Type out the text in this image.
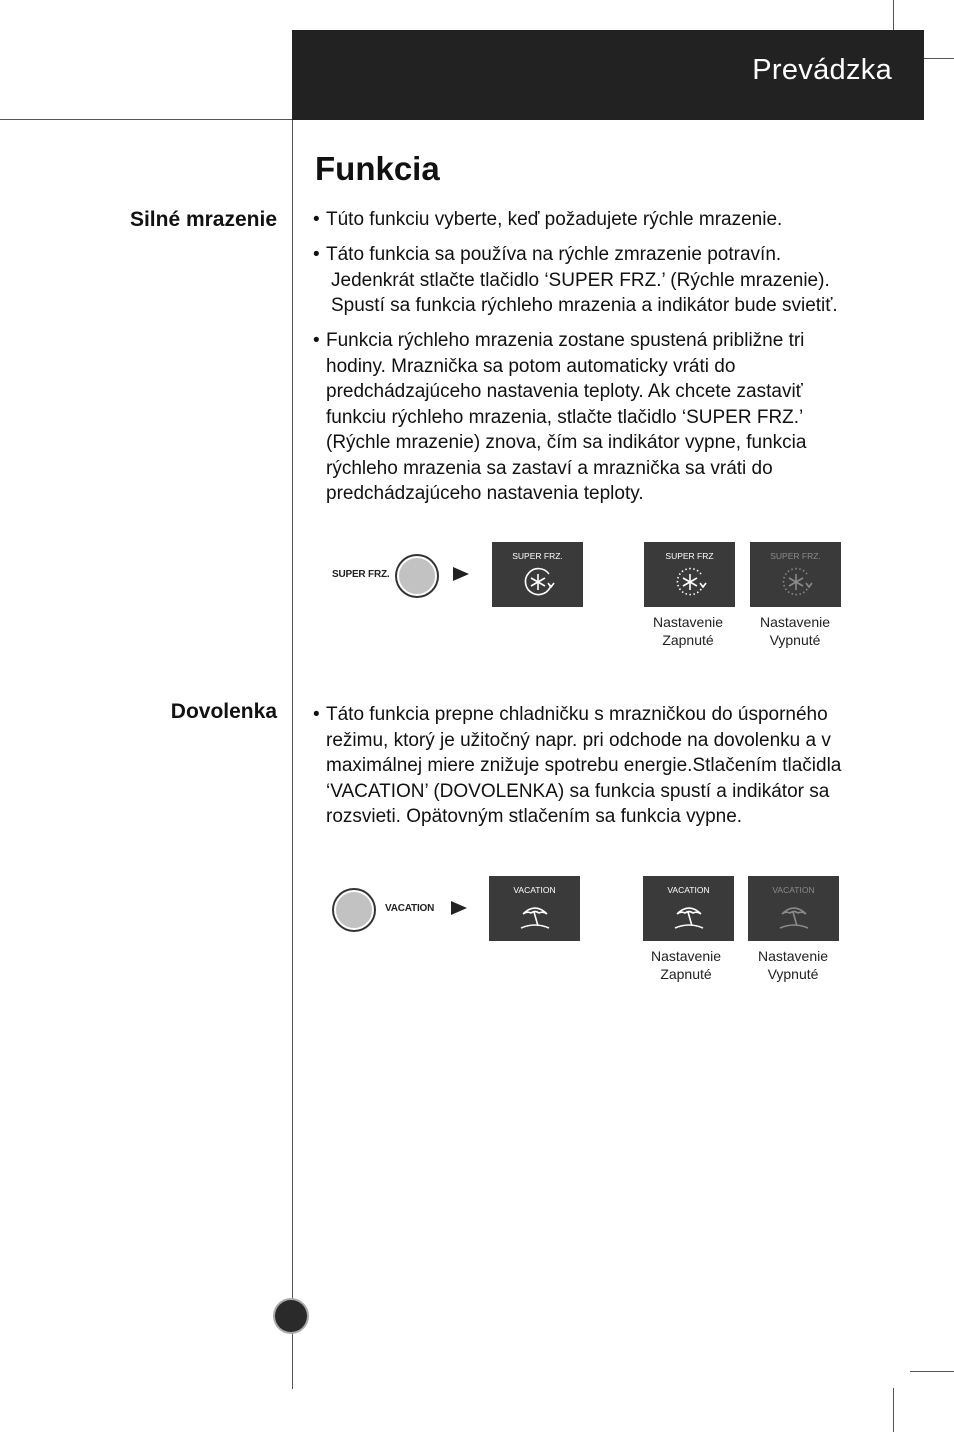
Prevádzka
Funkcia
Silné mrazenie • Túto funkciu vyberte, keď požadujete rýchle mrazenie.
• Táto funkcia sa používa na rýchle zmrazenie potravín.
Jedenkrát stlačte tlačidlo ‘SUPER FRZ.’ (Rýchle mrazenie).
Spustí sa funkcia rýchleho mrazenia a indikátor bude svietiť.
• Funkcia rýchleho mrazenia zostane spustená približne tri
hodiny. Mraznička sa potom automaticky vráti do
predchádzajúceho nastavenia teploty. Ak chcete zastaviť
funkciu rýchleho mrazenia, stlačte tlačidlo ‘SUPER FRZ.’
(Rýchle mrazenie) znova, čím sa indikátor vypne, funkcia
rýchleho mrazenia sa zastaví a mraznička sa vráti do
predchádzajúceho nastavenia teploty.
SUPER FRZ.
SUPER FRZ.	SUPER FRZ	SUPER FRZ.
Nastavenie
Zapnuté
Nastavenie
Vypnuté
Dovolenka • Táto funkcia prepne chladničku s mrazničkou do úsporného
režimu, ktorý je užitočný napr. pri odchode na dovolenku a v
maximálnej miere znižuje spotrebu energie.Stlačením tlačidla
‘VACATION’ (DOVOLENKA) sa funkcia spustí a indikátor sa
rozsvieti. Opätovným stlačením sa funkcia vypne.
VACATION
VACATION	VACATION	VACATION
Nastavenie
Zapnuté
Nastavenie
Vypnuté
